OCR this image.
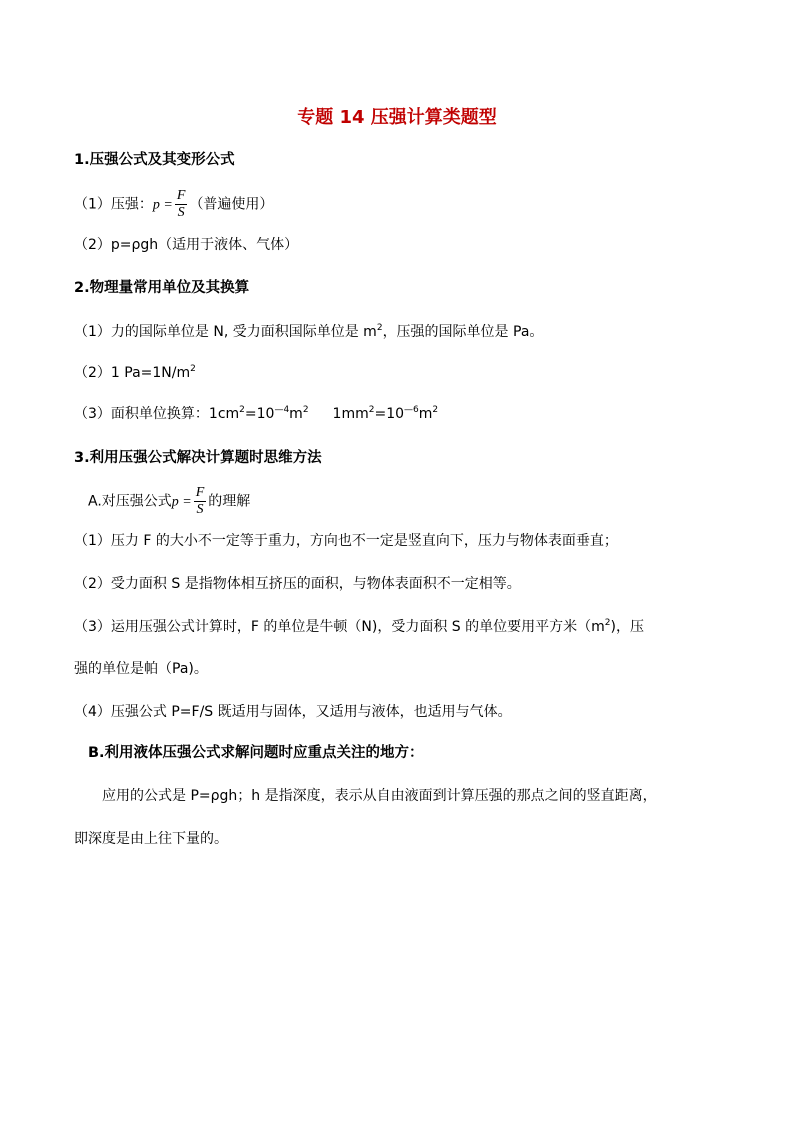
专题 14 压强计算类题型
1.压强公式及其变形公式
（1）压强：$p = \frac{F}{S}$ （普遍使用）
（2）p=ρgh（适用于液体、气体）
2.物理量常用单位及其换算
（1）力的国际单位是 N, 受力面积国际单位是 $m^2$，压强的国际单位是 Pa。
（2）1 $Pa=1N/m^2$
（3）面积单位换算：$1cm^2=10^{—4}m^2$ $1mm^2=10^{—6}m^2$
3.利用压强公式解决计算题时思维方法
A.对压强公式$p = \frac{F}{S}$ 的理解
（1）压力 F 的大小不一定等于重力，方向也不一定是竖直向下，压力与物体表面垂直；
（2）受力面积 S 是指物体相互挤压的面积，与物体表面积不一定相等。
（3）运用压强公式计算时，F 的单位是牛顿（N)，受力面积 S 的单位要用平方米$(m^2)$，压
强的单位是帕（Pa)。
（4）压强公式 P=F/S 既适用与固体，又适用与液体，也适用与气体。
B.利用液体压强公式求解问题时应重点关注的地方：
应用的公式是 P=ρgh；h 是指深度，表示从自由液面到计算压强的那点之间的竖直距离，
即深度是由上往下量的。
